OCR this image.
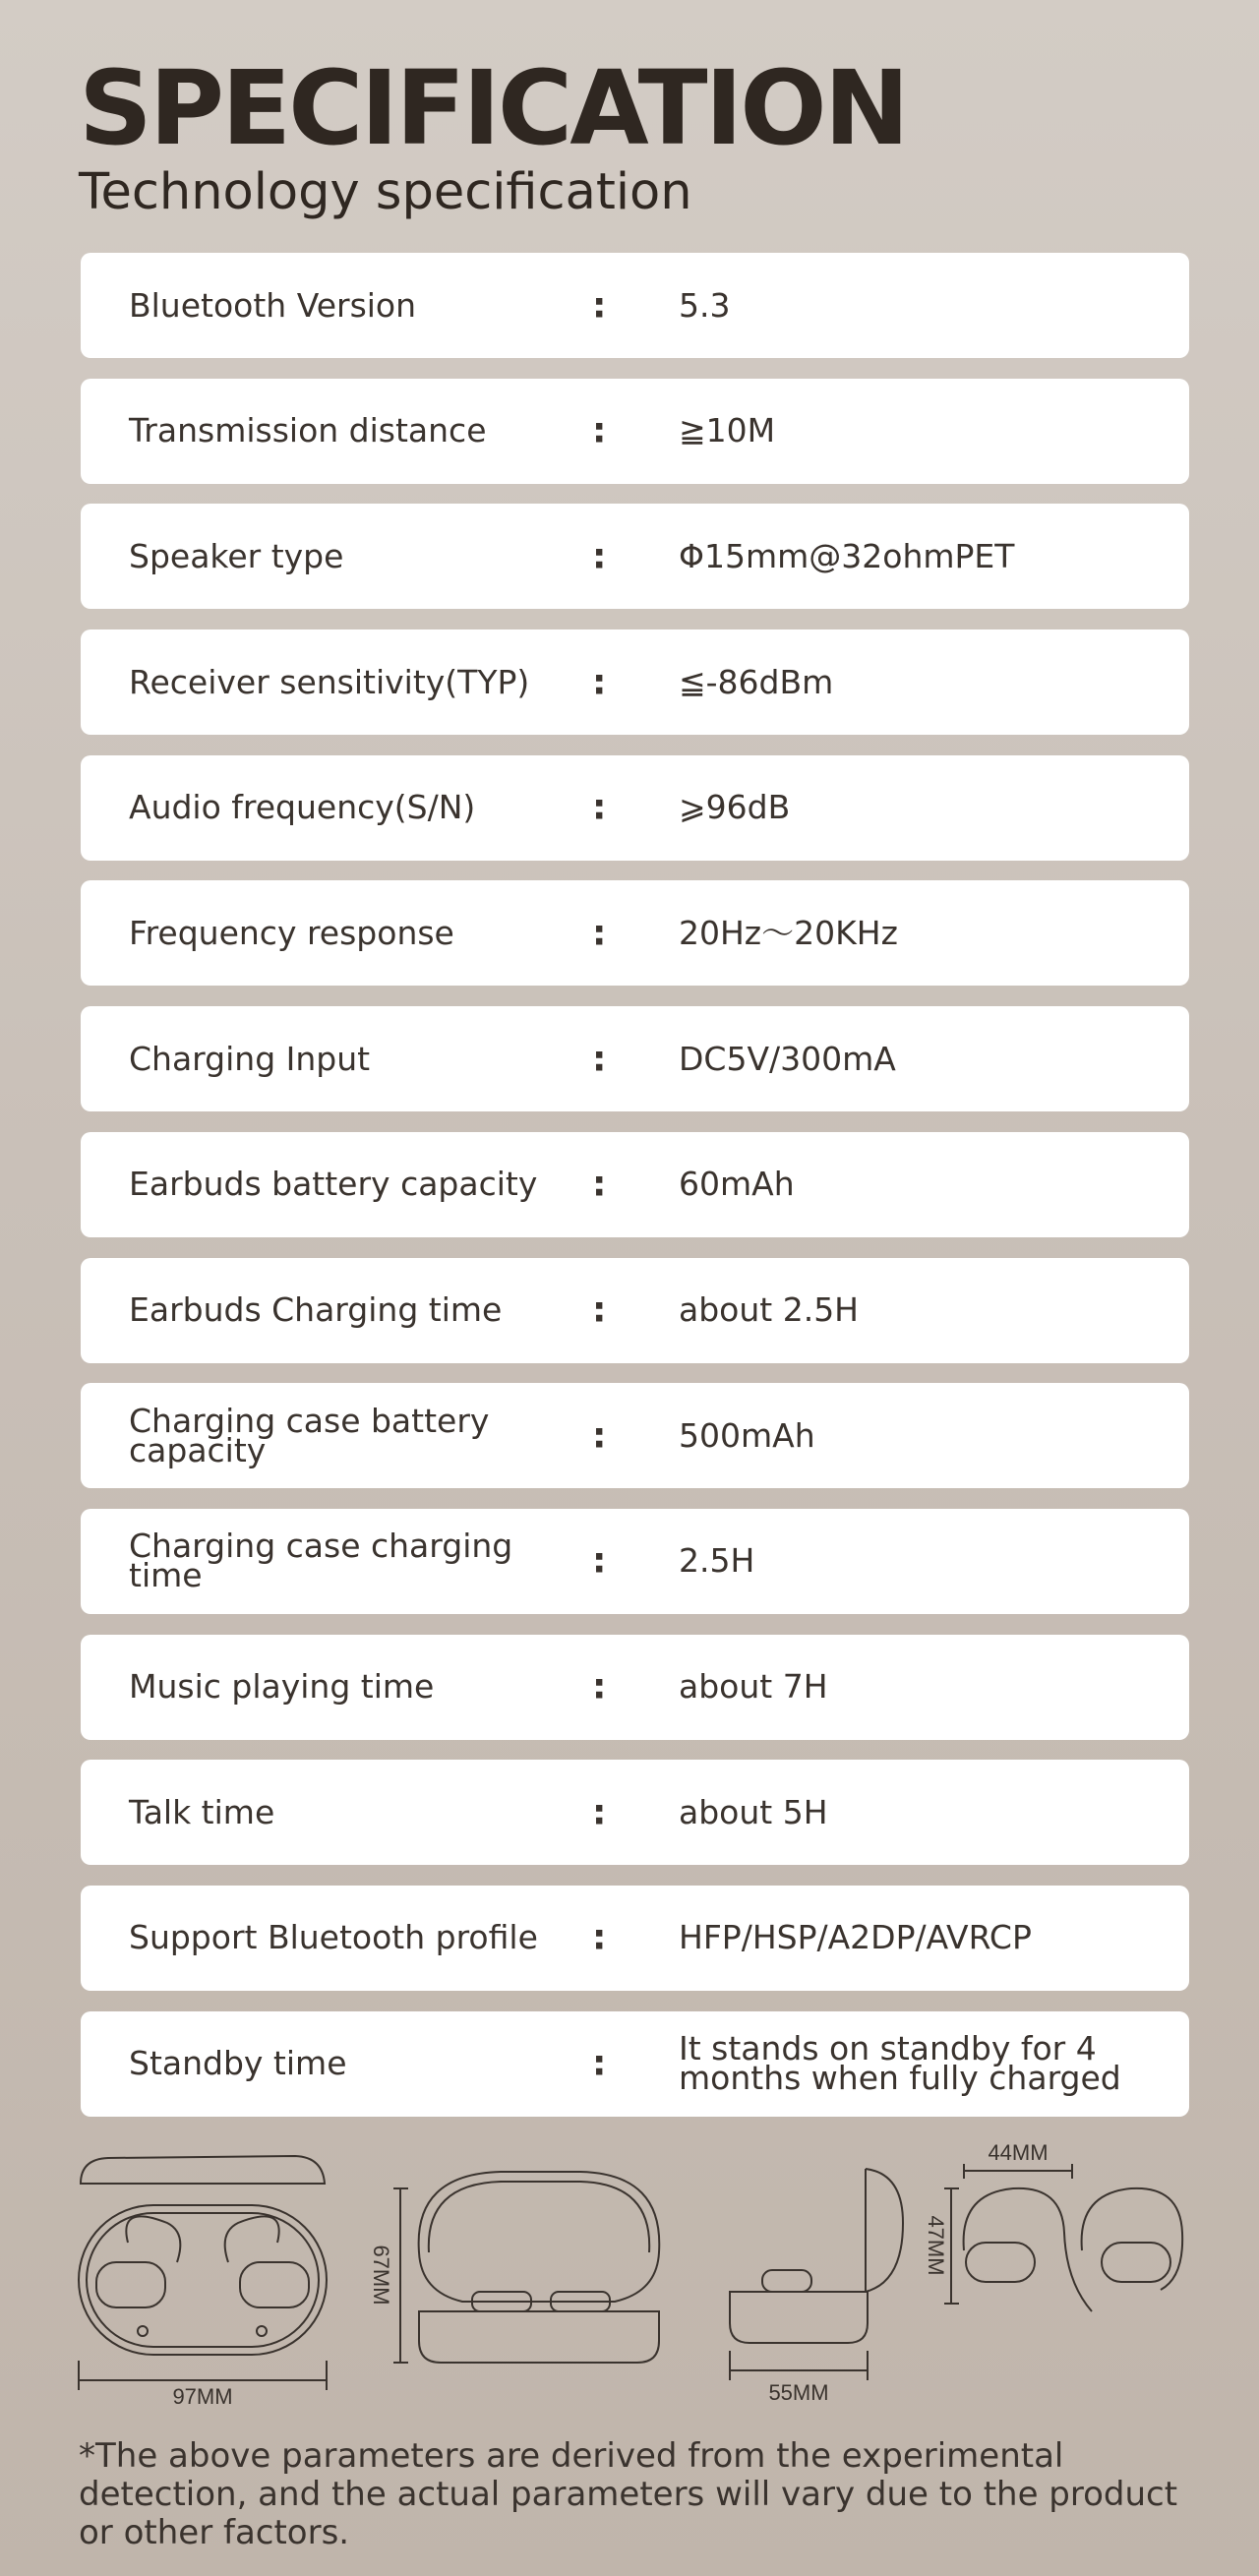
SPECIFICATION
Technology specification
Bluetooth Version	: 5.3
Transmission distance	: ≧10M
Speaker type	: Φ15mm@32ohmPET
Receiver sensitivity(TYP)	: ≦-86dBm
Audio frequency(S/N)	: ⩾96dB
Frequency response	: 20Hz～20KHz
Charging Input	: DC5V/300mA
Earbuds battery capacity	: 60mAh
Earbuds Charging time	: about 2.5H
Charging case battery capacity	: 500mAh
Charging case charging time	: 2.5H
Music playing time	: about 7H
Talk time	: about 5H
Support Bluetooth profile	: HFP/HSP/A2DP/AVRCP
Standby time	: It stands on standby for 4 months when fully charged
97MM
67MM
55MM
44MM
47MM
*The above parameters are derived from the experimental detection, and the actual parameters will vary due to the product or other factors.
